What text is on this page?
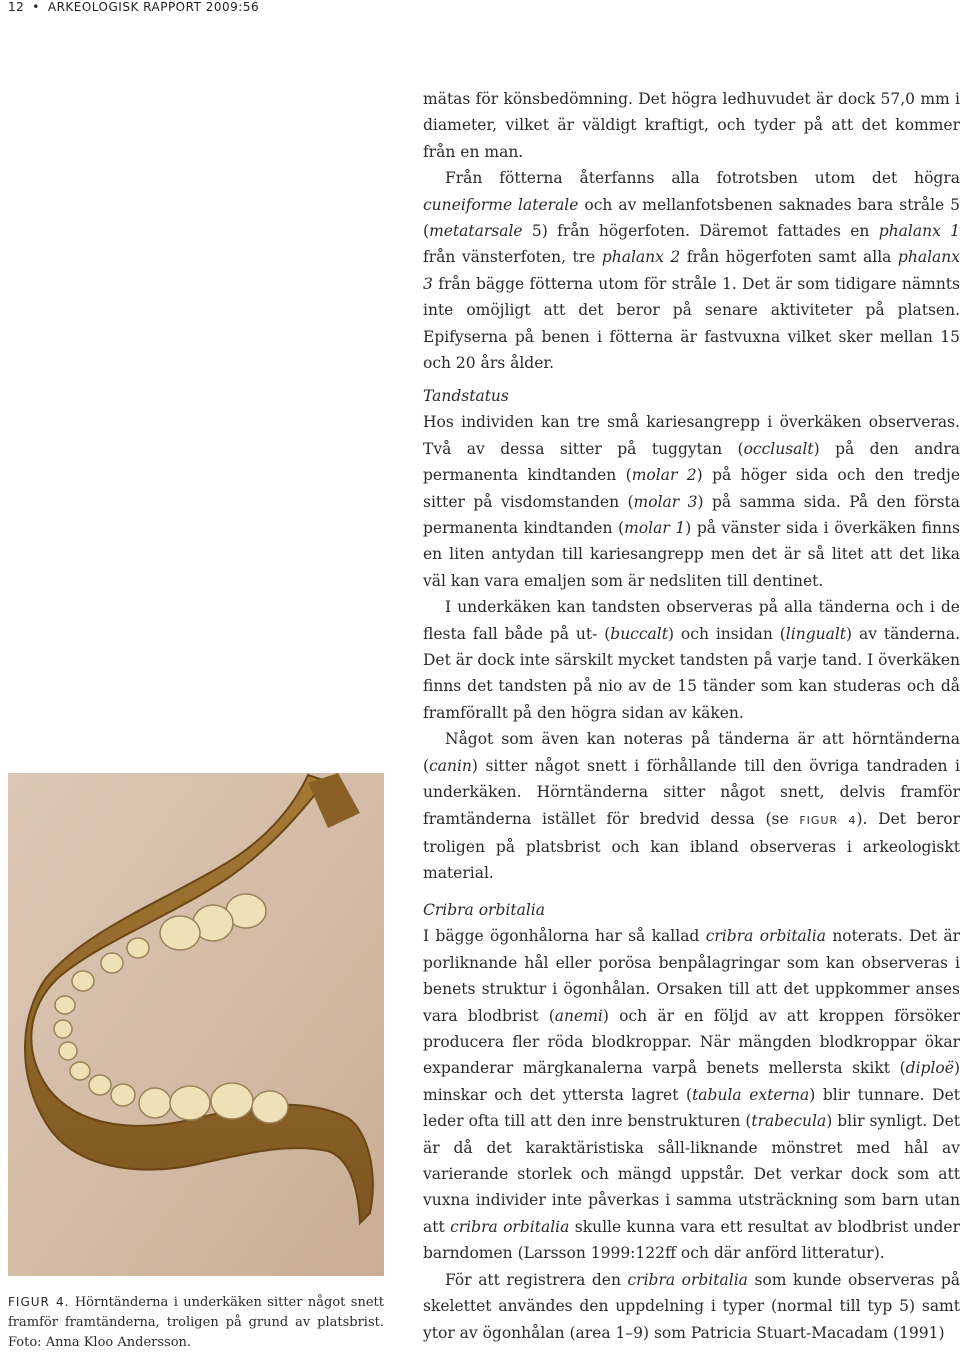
12 • ARKEOLOGISK RAPPORT 2009:56

mätas för könsbedömning. Det högra ledhuvudet är dock 57,0 mm i diameter, vilket är väldigt kraftigt, och tyder på att det kommer från en man.

Från fötterna återfanns alla fotrotsben utom det högra cuneiforme laterale och av mellanfotsbenen saknades bara stråle 5 (metatarsale 5) från högerfoten. Däremot fattades en phalanx 1 från vänsterfoten, tre phalanx 2 från högerfoten samt alla phalanx 3 från bägge fötterna utom för stråle 1. Det är som tidigare nämnts inte omöjligt att det beror på senare aktiviteter på platsen. Epifyserna på benen i fötterna är fastvuxna vilket sker mellan 15 och 20 års ålder.

Tandstatus

Hos individen kan tre små kariesangrepp i överkäken observeras. Två av dessa sitter på tuggytan (occlusalt) på den andra permanenta kindtanden (molar 2) på höger sida och den tredje sitter på visdomstanden (molar 3) på samma sida. På den första permanenta kindtanden (molar 1) på vänster sida i överkäken finns en liten antydan till kariesangrepp men det är så litet att det lika väl kan vara emaljen som är nedsliten till dentinet.

I underkäken kan tandsten observeras på alla tänderna och i de flesta fall både på ut- (buccalt) och insidan (lingualt) av tänderna. Det är dock inte särskilt mycket tandsten på varje tand. I överkäken finns det tandsten på nio av de 15 tänder som kan studeras och då framförallt på den högra sidan av käken.

Något som även kan noteras på tänderna är att hörntänderna (canin) sitter något snett i förhållande till den övriga tandraden i underkäken. Hörntänderna sitter något snett, delvis framför framtänderna istället för bredvid dessa (se FIGUR 4). Det beror troligen på platsbrist och kan ibland observeras i arkeologiskt material.

Cribra orbitalia

I bägge ögonhålorna har så kallad cribra orbitalia noterats. Det är porliknande hål eller porösa benpålagringar som kan observeras i benets struktur i ögonhålan. Orsaken till att det uppkommer anses vara blodbrist (anemi) och är en följd av att kroppen försöker producera fler röda blodkroppar. När mängden blodkroppar ökar expanderar märgkanalerna varpå benets mellersta skikt (diploë) minskar och det yttersta lagret (tabula externa) blir tunnare. Det leder ofta till att den inre benstrukturen (trabecula) blir synligt. Det är då det karaktäristiska såll-liknande mönstret med hål av varierande storlek och mängd uppstår. Det verkar dock som att vuxna individer inte påverkas i samma utsträckning som barn utan att cribra orbitalia skulle kunna vara ett resultat av blodbrist under barndomen (Larsson 1999:122ff och där anförd litteratur).

För att registrera den cribra orbitalia som kunde observeras på skelettet användes den uppdelning i typer (normal till typ 5) samt ytor av ögonhålan (area 1–9) som Patricia Stuart-Macadam (1991)

FIGUR 4. Hörntänderna i underkäken sitter något snett framför framtänderna, troligen på grund av platsbrist. Foto: Anna Kloo Andersson.
